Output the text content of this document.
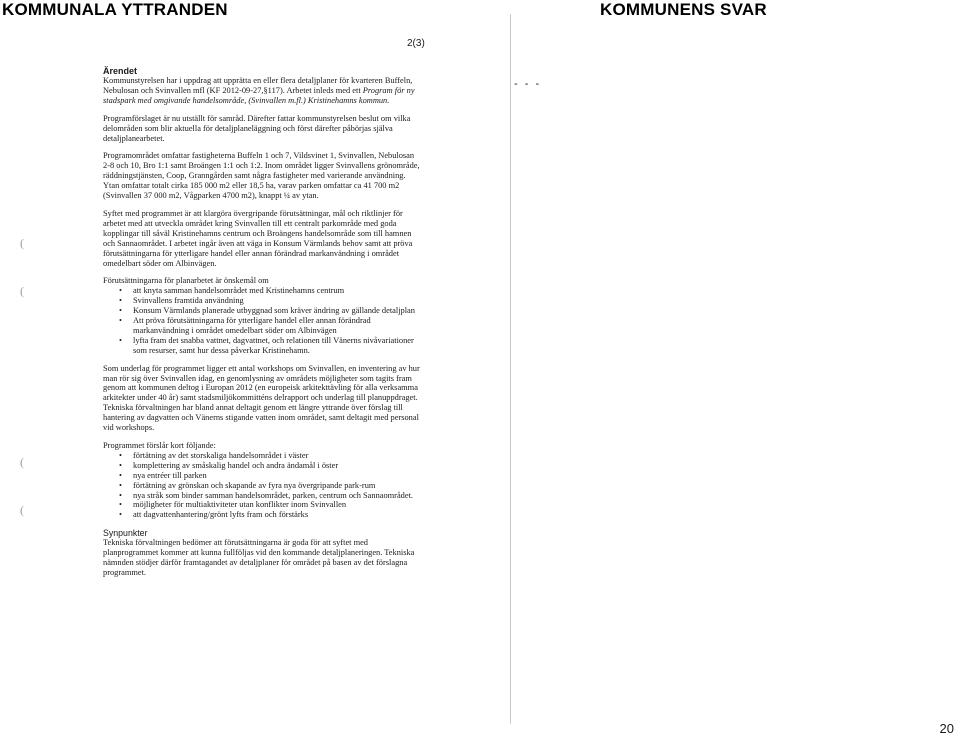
KOMMUNALA YTTRANDEN	KOMMUNENS SVAR
2(3)
- - -
(
(
(
(
Ärendet

Kommunstyrelsen har i uppdrag att upprätta en eller flera detaljplaner för kvarteren Buffeln, Nebulosan och Svinvallen mfl (KF 2012-09-27,§117). Arbetet inleds med ett Program för ny stadspark med omgivande handelsområde, (Svinvallen m.fl.) Kristinehamns kommun.

Programförslaget är nu utställt för samråd. Därefter fattar kommunstyrelsen beslut om vilka delområden som blir aktuella för detaljplaneläggning och först därefter påbörjas själva detaljplanearbetet.

Programområdet omfattar fastigheterna Buffeln 1 och 7, Vildsvinet 1, Svinvallen, Nebulosan 2-8 och 10, Bro 1:1 samt Broängen 1:1 och 1:2. Inom området ligger Svinvallens grönområde, räddningstjänsten, Coop, Granngården samt några fastigheter med varierande användning. Ytan omfattar totalt cirka 185 000 m2 eller 18,5 ha, varav parken omfattar ca 41 700 m2 (Svinvallen 37 000 m2, Vågparken 4700 m2), knappt ¼ av ytan.

Syftet med programmet är att klargöra övergripande förutsättningar, mål och riktlinjer för arbetet med att utveckla området kring Svinvallen till ett centralt parkområde med goda kopplingar till såväl Kristinehamns centrum och Broängens handelsområde som till hamnen och Sannaområdet. I arbetet ingår även att väga in Konsum Värmlands behov samt att pröva förutsättningarna för ytterligare handel eller annan förändrad markanvändning i området omedelbart söder om Albinvägen.

Förutsättningarna för planarbetet är önskemål om
• att knyta samman handelsområdet med Kristinehamns centrum
• Svinvallens framtida användning
• Konsum Värmlands planerade utbyggnad som kräver ändring av gällande detaljplan
• Att pröva förutsättningarna för ytterligare handel eller annan förändrad markanvändning i området omedelbart söder om Albinvägen
• lyfta fram det snabba vattnet, dagvattnet, och relationen till Vänerns nivåvariationer som resurser, samt hur dessa påverkar Kristinehamn.

Som underlag för programmet ligger ett antal workshops om Svinvallen, en inventering av hur man rör sig över Svinvallen idag, en genomlysning av områdets möjligheter som tagits fram genom att kommunen deltog i Europan 2012 (en europeisk arkitekttävling för alla verksamma arkitekter under 40 år) samt stadsmiljökommitténs delrapport och underlag till planuppdraget. Tekniska förvaltningen har bland annat deltagit genom ett längre yttrande över förslag till hantering av dagvatten och Vänerns stigande vatten inom området, samt deltagit med personal vid workshops.

Programmet förslår kort följande:
• förtätning av det storskaliga handelsområdet i väster
• komplettering av småskalig handel och andra ändamål i öster
• nya entréer till parken
• förtätning av grönskan och skapande av fyra nya övergripande park-rum
• nya stråk som binder samman handelsområdet, parken, centrum och Sannaområdet.
• möjligheter för multiaktiviteter utan konflikter inom Svinvallen
• att dagvattenhantering/grönt lyfts fram och förstärks
Synpunkter

Tekniska förvaltningen bedömer att förutsättningarna är goda för att syftet med planprogrammet kommer att kunna fullföljas vid den kommande detaljplaneringen. Tekniska nämnden stödjer därför framtagandet av detaljplaner för området på basen av det förslagna programmet.

20
